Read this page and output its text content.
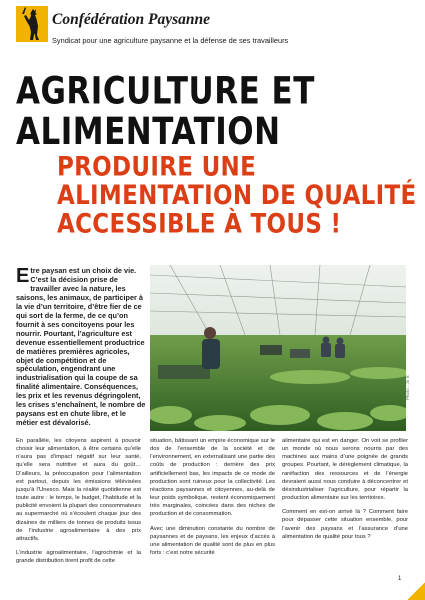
Confédération Paysanne
Syndicat pour une agriculture paysanne et la défense de ses travailleurs
AGRICULTURE ET
ALIMENTATION
PRODUIRE UNE
ALIMENTATION DE QUALITÉ
ACCESSIBLE À TOUS !

Etre paysan est un choix de vie. C’est la décision prise de travailler avec la nature, les saisons, les animaux, de participer à la vie d’un territoire, d’être fier de ce qui sort de la ferme, de ce qu’on fournit à ses concitoyens pour les nourrir. Pourtant, l’agriculture est devenue essentiellement productrice de matières premières agricoles, objet de compétition et de spéculation, engendrant une industrialisation qui la coupe de sa finalité alimentaire. Conséquences, les prix et les revenus dégringolent, les crises s’enchaînent, le nombre de paysans est en chute libre, et le métier est dévalorisé.

Photo : Jo V.

En parallèle, les citoyens aspirent à pouvoir choisir leur alimentation, à être certains qu’elle n’aura pas d’impact négatif sur leur santé, qu’elle sera nutritive et aura du goût… D’ailleurs, la préoccupation pour l’alimentation est partout, depuis les émissions télévisées jusqu’à l’Unesco. Mais la réalité quotidienne est toute autre : le temps, le budget, l’habitude et la publicité envoient la plupart des consommateurs au supermarché où s’écoulent chaque jour des dizaines de milliers de tonnes de produits issus de l’industrie agroalimentaire à des prix attractifs.

L’industrie agroalimentaire, l’agrochimie et la grande distribution tirent profit de cette

situation, bâtissant un empire économique sur le dos de l’ensemble de la société et de l’environnement, en externalisant une partie des coûts de production : derrière des prix artificiellement bas, les impacts de ce mode de production sont ruineux pour la collectivité. Les réactions paysannes et citoyennes, au-delà de leur poids symbolique, restent économiquement très marginales, coincées dans des niches de production et de consommation.

Avec une diminution constante du nombre de paysannes et de paysans, les enjeux d’accès à une alimentation de qualité sont de plus en plus forts : c’est notre sécurité

alimentaire qui est en danger. On voit se profiler un monde où nous serons nourris par des machines aux mains d’une poignée de grands groupes. Pourtant, le dérèglement climatique, la raréfaction des ressources et de l’énergie devraient aussi nous conduire à déconcentrer et désindustrialiser l’agriculture, pour répartir la production alimentaire sur les territoires.

Comment en est-on arrivé là ? Comment faire pour dépasser cette situation ensemble, pour l’avenir des paysans et l’assurance d’une alimentation de qualité pour tous ?

1
